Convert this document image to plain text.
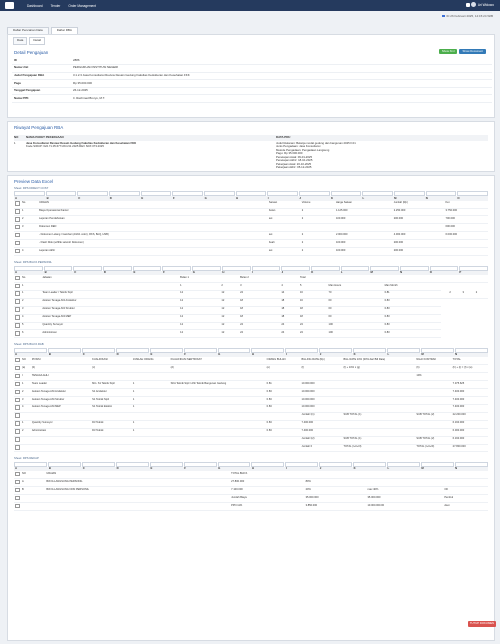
Dashboard	Tender	Order Management	Ari Widowo
ID 26 Februari 2025, 14:15:24 WIB
Daftar Pencairan Data	Daftar RBA
Data	Detail
Detail Pengajuan	Show Xml	Show Document
ID	2886
Nama Unit	PERGURUAN INSTITUSI NEGERI
Judul Pengajuan RBA	3.1.2.3 Jasa Konsultansi Review Desain Gedung Fakultas Kedokteran dan Kesehatan FKK
Pagu	Rp 35.000.000
Tanggal Pengajuan	26-12-2025
Nama PPK	Ir. Rachmad Broryo, M.T.
Riwayat Pengajuan RBA
NO	NAMA PAKET PEKERJAAN	DATA PDU
1	Jasa Konsultansi Review Desain Gedung Fakultas Kedokteran dan Kesehatan FKK
Kode SIRUP: 622.71.05.6771/KC/41 2025 REV SDX 073.2025
Judul Rekanan: Belanja modal gedung dan bangunan 2025 F.01
Jenis Pengadaan: Jasa Konsultansi
Metode Pengadaan: Pengadaan Langsung
Pagu: Rp 35.000.000
Penetapan Awal: 09-01-2025
Penetapan Akhir: 18-10-2025
Pekerjaan Awal: 20-10-2025
Pekerjaan Akhir: 05-12-2025
Preview Data Excel
Sheet: RPS DIRECT COST
A	B	C	D	E	F	G	H	I	J	K	L	M	N	O
	No	URAIAN	Satuan	Volume	Harga Satuan	Jumlah (Rp)	Ket
	1	Biaya Operasional Kantor	bulan	2	1.125.000	2.250.000	3.750.000
	2	Laporan Pendahuluan	set	2	100.000	200.000	700.000
	3	Dokumen DED					600.000
		- Dokumen Lelang / Gambar (A3/A1 color), RKS, BoQ, HSB)	set	2	2.000.000	4.000.000	6.000.000
		- Flash Disk (softfile seluruh Dokumen)	buah	2	100.000	200.000	
	4	Laporan Akhir	set	2	100.000	200.000	
Sheet: RPS BIAYA PERSONIL
A	B	C	D	E	F	G	H	I	J	K	L	M	N	O	P
	No	Jabatan	Bulan 1		Bulan 2		Total						
	1		1	2	3	4	5	Man Hours	Man Month				
	1	Team Leader / Teknik Sipil	12	12	24	14	16	70	0.81		2	3	2
	2	Asisten Tenaga Ahli Arsitektur	12	12	18	18	16	60	0.83				
	3	Asisten Tenaga Ahli Struktur	12	12	18	18	18	60	0.83				
	4	Asisten Tenaga Ahli MEP	12	12	18	18	18	60	0.83				
	5	Quantity Surveyor	12	12	24	24	24	100	0.83				
	6	Administrasi	12	12	24	24	24	100	0.83				
Sheet: RPS BIAYA RAB
A	B	C	D	E	F	G	H	I	J	K	L	M	N
	NO	POSISI	KUALIFIKASI	JUMLAH ORANG	KUALIFIKASI SERTIFIKAT	ORANG BULAN	BILLING RATE (Rp)	BILL RATE 10% (30% dari Bill Rate)	NILAI KONTRAK	TOTAL
	(a)	(b)	(c)		(d)	(e)	(f)	(f) + 10% x (g)	(h)	(h) + (i) = (f) x (e)
	I	TENAGA AHLI							10%	
	1	Team Leader	Min. S1 Teknik Sipil	1	SKA Teknik Sipil / Ahli Teknik Bangunan Gedung	0.81	10.000.000			7.375.625
	2	Asisten Tenaga Ahli Arsitektur	S1 Arsitektur	1		0.83	10.000.000			7.400.000
	3	Asisten Tenaga Ahli Struktur	S1 Teknik Sipil	1		0.83	10.000.000			7.400.000
	4	Asisten Tenaga Ahli MEP	S1 Teknik Elektro	1		0.83	10.000.000			7.400.000
							Jumlah I(1)	SUB TOTAL (1)	SUB TOTAL (2)	22.200.000
	1	Quantity Surveyor	D3 Teknik	1		0.83	7.400.000			6.160.000
	2	Administrasi	D3 Teknik	1		0.83	7.400.000			6.000.000
							Jumlah I(2)	SUB TOTAL (1)	SUB TOTAL (2)	6.160.000
							Jumlah II	TOTAL (I+II+III)	TOTAL (I+II+III)	27.800.000
Sheet: RPS REKAP
A	B	C	D	E	F	G	H	I	J	K	L	M	N
	NO	URAIAN	TOTAL BIAYA			
	A	BIAYA LANGSUNG PERSONIL	27.800.000	80%		
	B	BIAYA LANGSUNG NON PERSONIL	7.100.000	20%	max 40%	OK
			Jumlah Biaya	35.000.000	35.000.000	Pembul
			PPN 11%	3.850.000	10.000.000.00	Aset
TUTUP DOKUMEN
